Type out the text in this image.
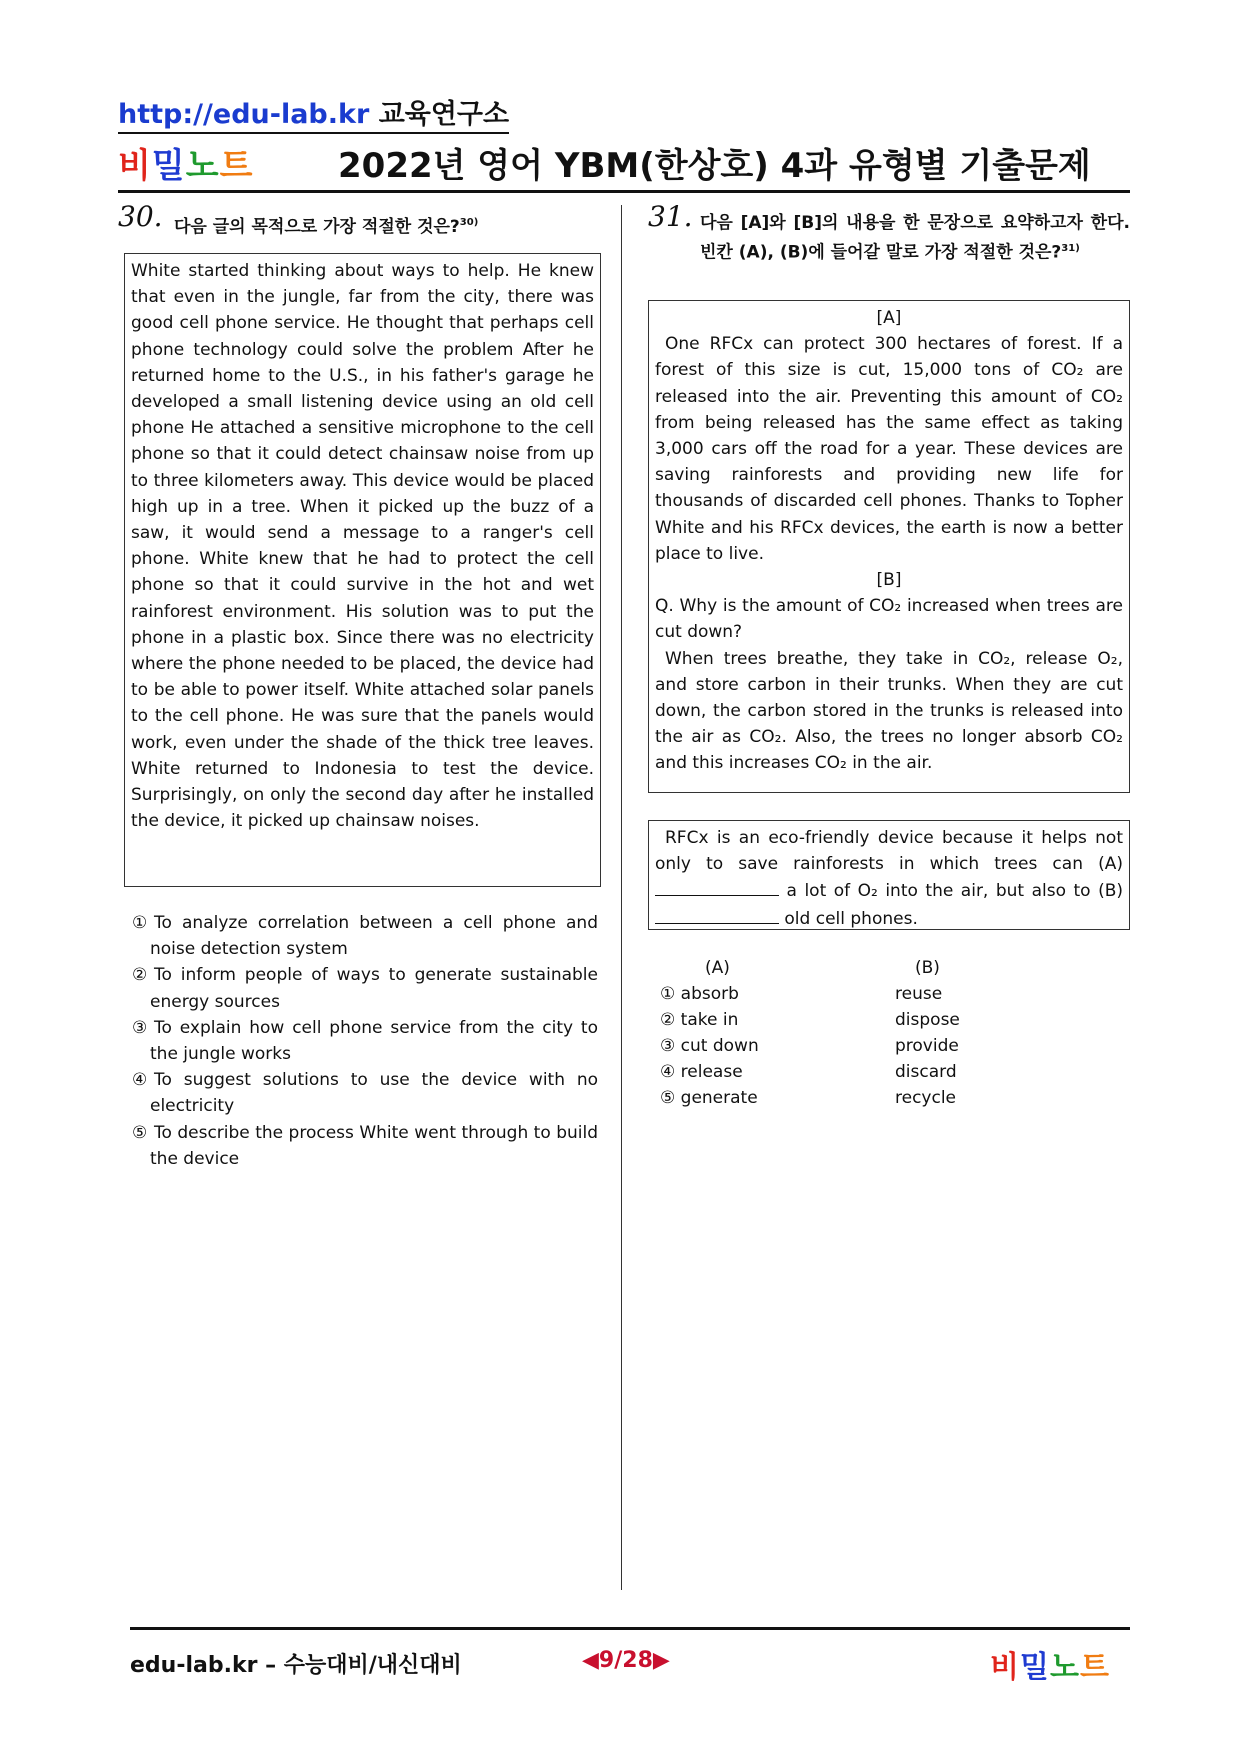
http://edu-lab.kr 교육연구소
비밀노트 2022년 영어 YBM(한상호) 4과 유형별 기출문제
30. 다음 글의 목적으로 가장 적절한 것은?$^{30)}$
White started thinking about ways to help. He knew that even in the jungle, far from the city, there was good cell phone service. He thought that perhaps cell phone technology could solve the problem After he returned home to the U.S., in his father's garage he developed a small listening device using an old cell phone He attached a sensitive microphone to the cell phone so that it could detect chainsaw noise from up to three kilometers away. This device would be placed high up in a tree. When it picked up the buzz of a saw, it would send a message to a ranger's cell phone. White knew that he had to protect the cell phone so that it could survive in the hot and wet rainforest environment. His solution was to put the phone in a plastic box. Since there was no electricity where the phone needed to be placed, the device had to be able to power itself. White attached solar panels to the cell phone. He was sure that the panels would work, even under the shade of the thick tree leaves. White returned to Indonesia to test the device. Surprisingly, on only the second day after he installed the device, it picked up chainsaw noises.
① To analyze correlation between a cell phone and noise detection system
② To inform people of ways to generate sustainable energy sources
③ To explain how cell phone service from the city to the jungle works
④ To suggest solutions to use the device with no electricity
⑤ To describe the process White went through to build the device
31. 다음 [A]와 [B]의 내용을 한 문장으로 요약하고자 한다. 빈칸 (A), (B)에 들어갈 말로 가장 적절한 것은?$^{31)}$
[A]
One RFCx can protect 300 hectares of forest. If a forest of this size is cut, 15,000 tons of CO₂ are released into the air. Preventing this amount of CO₂ from being released has the same effect as taking 3,000 cars off the road for a year. These devices are saving rainforests and providing new life for thousands of discarded cell phones. Thanks to Topher White and his RFCx devices, the earth is now a better place to live.
[B]
Q. Why is the amount of CO₂ increased when trees are cut down?
When trees breathe, they take in CO₂, release O₂, and store carbon in their trunks. When they are cut down, the carbon stored in the trunks is released into the air as CO₂. Also, the trees no longer absorb CO₂ and this increases CO₂ in the air.
RFCx is an eco-friendly device because it helps not only to save rainforests in which trees can (A) a lot of O₂ into the air, but also to (B) old cell phones.
(A)	(B)
① absorb	reuse
② take in	dispose
③ cut down	provide
④ release	discard
⑤ generate	recycle
edu-lab.kr – 수능대비/내신대비	◀9/28▶	비밀노트
